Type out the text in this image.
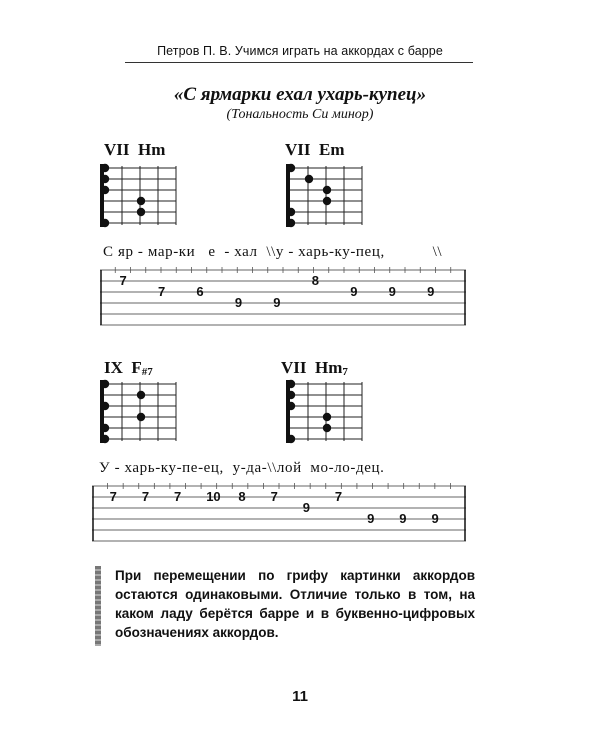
Петров П. В. Учимся играть на аккордах с барре
«С ярмарки ехал ухарь-купец»
(Тональность Си минор)
VII Hm	VII Em
С яр - мар-ки   е  - хал  \\у - харь-ку-пец,           \\
7
7 6
9 9
8
9 9 9
IX $F_{\#7}$	VII $Hm_7$
У - харь-ку-пе-ец,  у-да-\\лой  мо-ло-дец.
7 7 7 10 8 7
9
7
9 9 9
При перемещении по грифу картинки аккордов остаются одинаковыми. Отличие только в том, на каком ладу берётся барре и в буквенно-цифровых обозначениях аккордов.
11
